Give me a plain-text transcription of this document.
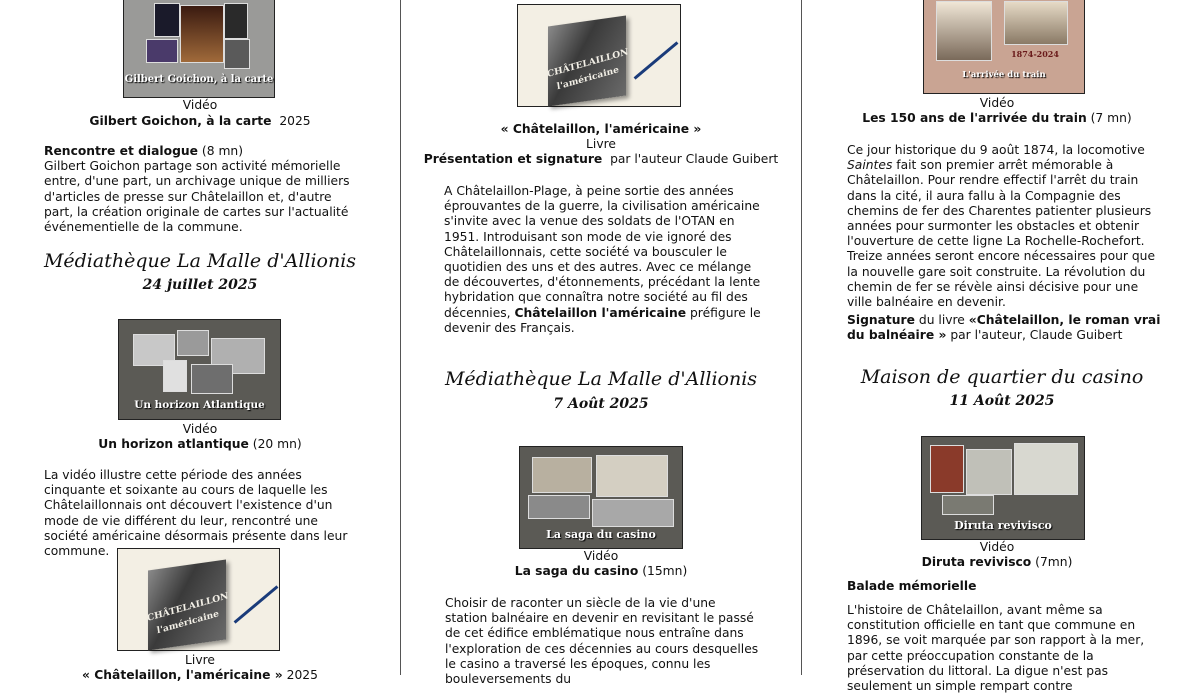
Gilbert Goichon, à la carte
Vidéo
Gilbert Goichon, à la carte 2025

Rencontre et dialogue (8 mn)

Gilbert Goichon partage son activité mémorielle entre, d'une part, un archivage unique de milliers d'articles de presse sur Châtelaillon et, d'autre part, la création originale de cartes sur l'actualité événementielle de la commune.

Médiathèque La Malle d'Allionis
24 juillet 2025
Un horizon Atlantique
Vidéo
Un horizon atlantique (20 mn)

La vidéo illustre cette période des années cinquante et soixante au cours de laquelle les Châtelaillonnais ont découvert l'existence d'un mode de vie différent du leur, rencontré une société américaine désormais présente dans leur commune.

CHÂTELAILLON l'américaine
Livre
« Châtelaillon, l'américaine » 2025
CHÂTELAILLON l'américaine
« Châtelaillon, l'américaine »
Livre
Présentation et signature par l'auteur Claude Guibert

A Châtelaillon-Plage, à peine sortie des années éprouvantes de la guerre, la civilisation américaine s'invite avec la venue des soldats de l'OTAN en 1951. Introduisant son mode de vie ignoré des Châtelaillonnais, cette société va bousculer le quotidien des uns et des autres. Avec ce mélange de découvertes, d'étonnements, précédant la lente hybridation que connaîtra notre société au fil des décennies, Châtelaillon l'américaine préfigure le devenir des Français.

Médiathèque La Malle d'Allionis
7 Août 2025
La saga du casino
Vidéo
La saga du casino (15mn)

Choisir de raconter un siècle de la vie d'une station balnéaire en devenir en revisitant le passé de cet édifice emblématique nous entraîne dans l'exploration de ces décennies au cours desquelles le casino a traversé les époques, connu les bouleversements du

1874-2024
L'arrivée du train
Vidéo
Les 150 ans de l'arrivée du train (7 mn)

Ce jour historique du 9 août 1874, la locomotive Saintes fait son premier arrêt mémorable à Châtelaillon. Pour rendre effectif l'arrêt du train dans la cité, il aura fallu à la Compagnie des chemins de fer des Charentes patienter plusieurs années pour surmonter les obstacles et obtenir l'ouverture de cette ligne La Rochelle-Rochefort. Treize années seront encore nécessaires pour que la nouvelle gare soit construite. La révolution du chemin de fer se révèle ainsi décisive pour une ville balnéaire en devenir.

Signature du livre «Châtelaillon, le roman vrai du balnéaire » par l'auteur, Claude Guibert

Maison de quartier du casino
11 Août 2025
Diruta revivisco
Vidéo
Diruta revivisco (7mn)

Balade mémorielle

L'histoire de Châtelaillon, avant même sa constitution officielle en tant que commune en 1896, se voit marquée par son rapport à la mer, par cette préoccupation constante de la préservation du littoral. La digue n'est pas seulement un simple rempart contre
